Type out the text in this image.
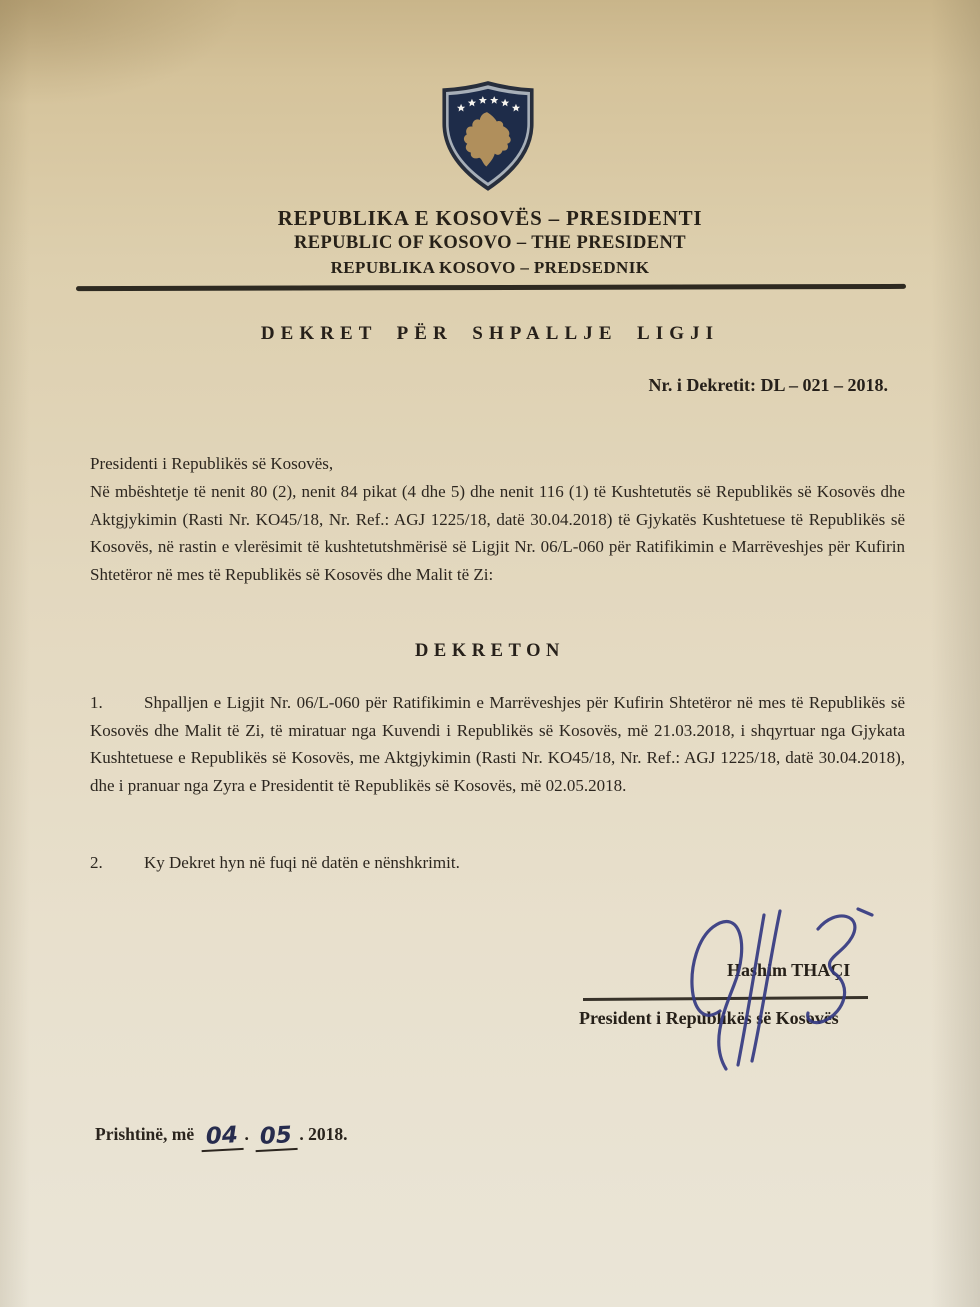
REPUBLIKA E KOSOVËS – PRESIDENTI
REPUBLIC OF KOSOVO – THE PRESIDENT
REPUBLIKA KOSOVO – PREDSEDNIK
DEKRET PËR SHPALLJE LIGJI
Nr. i Dekretit: DL – 021 – 2018.
Presidenti i Republikës së Kosovës,
Në mbështetje të nenit 80 (2), nenit 84 pikat (4 dhe 5) dhe nenit 116 (1) të Kushtetutës së Republikës së Kosovës dhe Aktgjykimin (Rasti Nr. KO45/18, Nr. Ref.: AGJ 1225/18, datë 30.04.2018) të Gjykatës Kushtetuese të Republikës së Kosovës, në rastin e vlerësimit të kushtetutshmërisë së Ligjit Nr. 06/L-060 për Ratifikimin e Marrëveshjes për Kufirin Shtetëror në mes të Republikës së Kosovës dhe Malit të Zi:
DEKRETON
1. Shpalljen e Ligjit Nr. 06/L-060 për Ratifikimin e Marrëveshjes për Kufirin Shtetëror në mes të Republikës së Kosovës dhe Malit të Zi, të miratuar nga Kuvendi i Republikës së Kosovës, më 21.03.2018, i shqyrtuar nga Gjykata Kushtetuese e Republikës së Kosovës, me Aktgjykimin (Rasti Nr. KO45/18, Nr. Ref.: AGJ 1225/18, datë 30.04.2018), dhe i pranuar nga Zyra e Presidentit të Republikës së Kosovës, më 02.05.2018.
2. Ky Dekret hyn në fuqi në datën e nënshkrimit.
Hashim THAÇI
President i Republikës së Kosovës
Prishtinë, më 04 . 05 . 2018.
